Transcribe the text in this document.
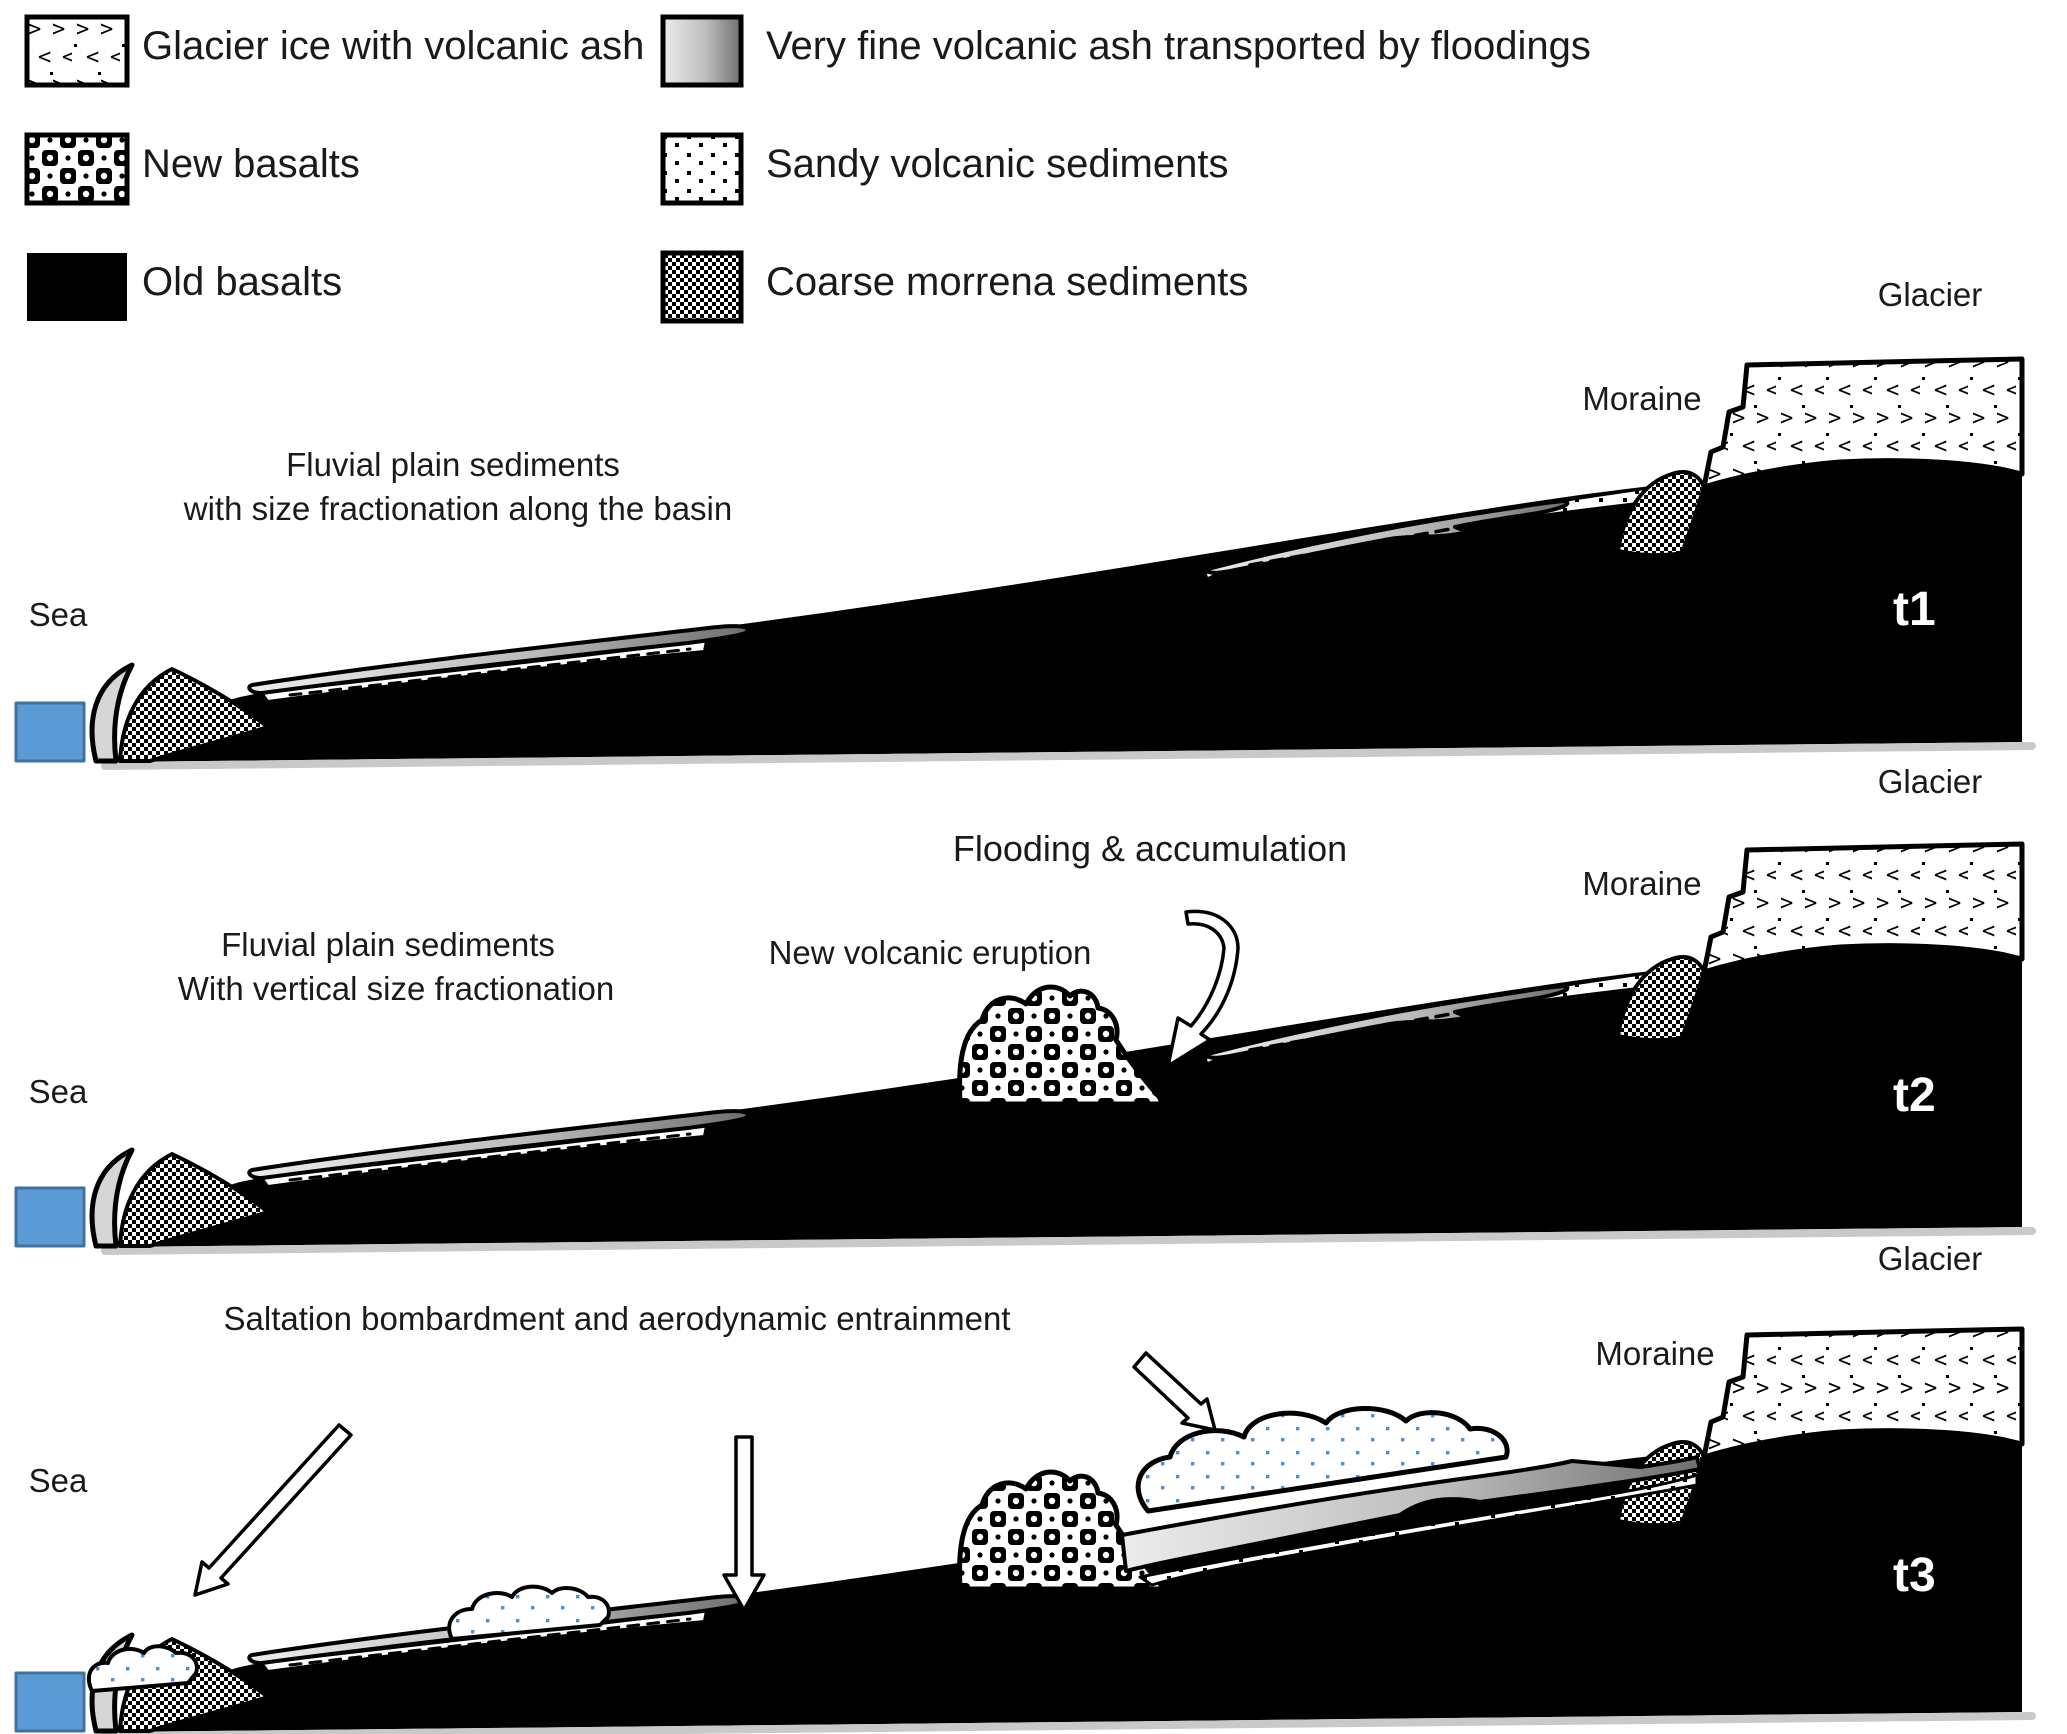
Glacier ice with volcanic ash
New basalts
Old basalts
Very fine volcanic ash transported by floodings
Sandy volcanic sediments
Coarse morrena sediments
Fluvial plain sediments
with size fractionation along the basin
Sea
Moraine
Glacier
t1
Flooding & accumulation
New volcanic eruption
Fluvial plain sediments
With vertical size fractionation
Sea
Moraine
Glacier
t2
Saltation bombardment and aerodynamic entrainment
Sea
Moraine
Glacier
t3
